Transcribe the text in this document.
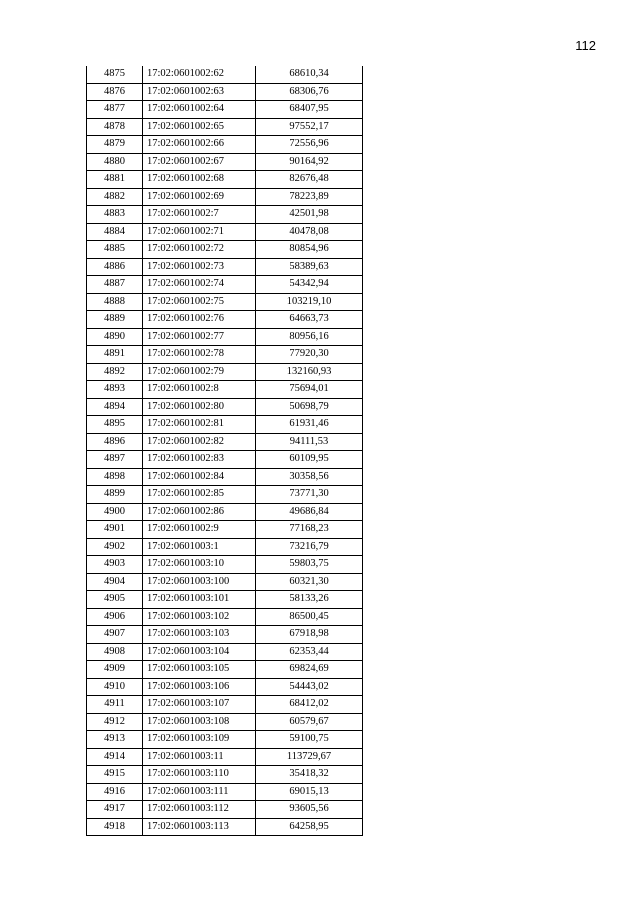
112
4875	17:02:0601002:62	68610,34
4876	17:02:0601002:63	68306,76
4877	17:02:0601002:64	68407,95
4878	17:02:0601002:65	97552,17
4879	17:02:0601002:66	72556,96
4880	17:02:0601002:67	90164,92
4881	17:02:0601002:68	82676,48
4882	17:02:0601002:69	78223,89
4883	17:02:0601002:7	42501,98
4884	17:02:0601002:71	40478,08
4885	17:02:0601002:72	80854,96
4886	17:02:0601002:73	58389,63
4887	17:02:0601002:74	54342,94
4888	17:02:0601002:75	103219,10
4889	17:02:0601002:76	64663,73
4890	17:02:0601002:77	80956,16
4891	17:02:0601002:78	77920,30
4892	17:02:0601002:79	132160,93
4893	17:02:0601002:8	75694,01
4894	17:02:0601002:80	50698,79
4895	17:02:0601002:81	61931,46
4896	17:02:0601002:82	94111,53
4897	17:02:0601002:83	60109,95
4898	17:02:0601002:84	30358,56
4899	17:02:0601002:85	73771,30
4900	17:02:0601002:86	49686,84
4901	17:02:0601002:9	77168,23
4902	17:02:0601003:1	73216,79
4903	17:02:0601003:10	59803,75
4904	17:02:0601003:100	60321,30
4905	17:02:0601003:101	58133,26
4906	17:02:0601003:102	86500,45
4907	17:02:0601003:103	67918,98
4908	17:02:0601003:104	62353,44
4909	17:02:0601003:105	69824,69
4910	17:02:0601003:106	54443,02
4911	17:02:0601003:107	68412,02
4912	17:02:0601003:108	60579,67
4913	17:02:0601003:109	59100,75
4914	17:02:0601003:11	113729,67
4915	17:02:0601003:110	35418,32
4916	17:02:0601003:111	69015,13
4917	17:02:0601003:112	93605,56
4918	17:02:0601003:113	64258,95
